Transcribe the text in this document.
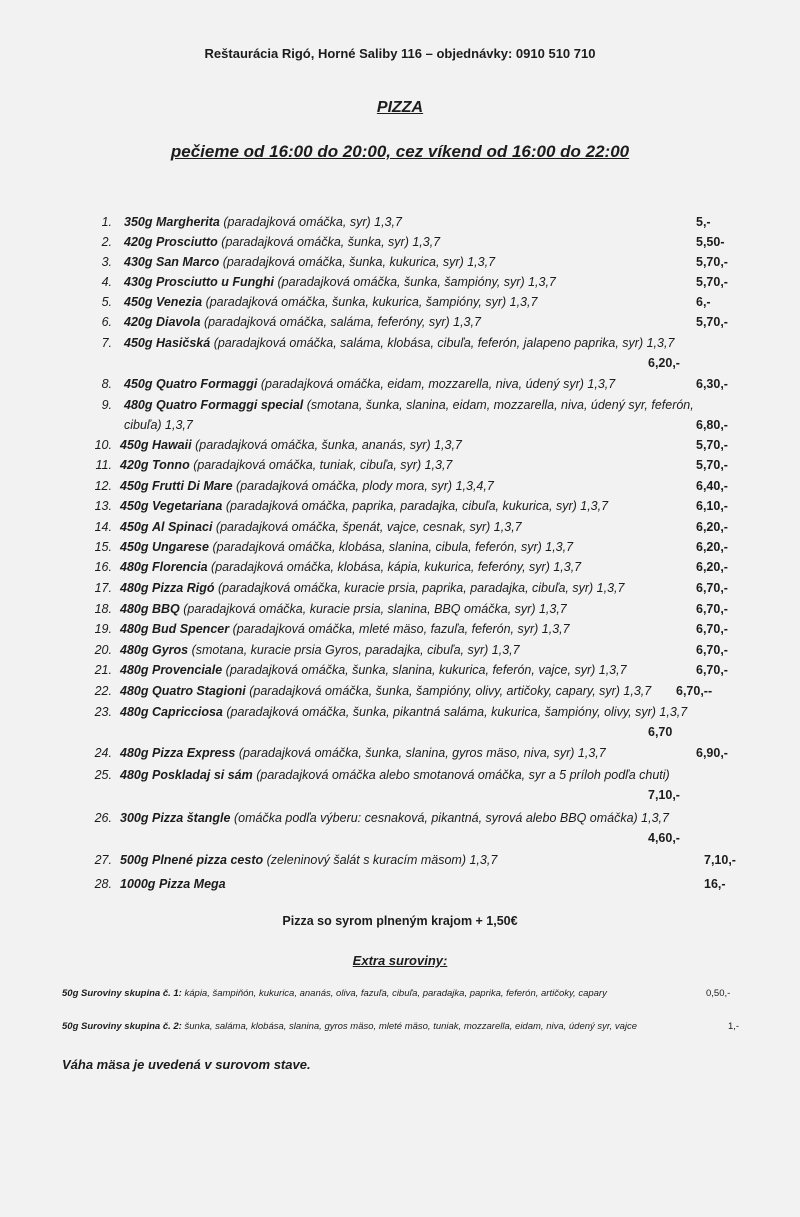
Reštaurácia Rigó, Horné Saliby 116 – objednávky: 0910 510 710
PIZZA
pečieme od 16:00 do 20:00, cez víkend od 16:00 do 22:00
1. 350g Margherita (paradajková omáčka, syr) 1,3,7	5,-
2. 420g Prosciutto (paradajková omáčka, šunka, syr) 1,3,7	5,50-
3. 430g San Marco (paradajková omáčka, šunka, kukurica, syr) 1,3,7	5,70,-
4. 430g Prosciutto u Funghi (paradajková omáčka, šunka, šampióny, syr) 1,3,7	5,70,-
5. 450g Venezia (paradajková omáčka, šunka, kukurica, šampióny, syr) 1,3,7	6,-
6. 420g Diavola (paradajková omáčka, saláma, feferóny, syr) 1,3,7	5,70,-
7. 450g Hasičská (paradajková omáčka, saláma, klobása, cibuľa, feferón, jalapeno paprika, syr) 1,3,7
6,20,-
8. 450g Quatro Formaggi (paradajková omáčka, eidam, mozzarella, niva, údený syr) 1,3,7	6,30,-
9. 480g Quatro Formaggi special (smotana, šunka, slanina, eidam, mozzarella, niva, údený syr, feferón,
cibuľa) 1,3,7	6,80,-
10. 450g Hawaii (paradajková omáčka, šunka, ananás, syr) 1,3,7	5,70,-
11. 420g Tonno (paradajková omáčka, tuniak, cibuľa, syr) 1,3,7	5,70,-
12. 450g Frutti Di Mare (paradajková omáčka, plody mora, syr) 1,3,4,7	6,40,-
13. 450g Vegetariana (paradajková omáčka, paprika, paradajka, cibuľa, kukurica, syr) 1,3,7	6,10,-
14. 450g Al Spinaci (paradajková omáčka, špenát, vajce, cesnak, syr) 1,3,7	6,20,-
15. 450g Ungarese (paradajková omáčka, klobása, slanina, cibula, feferón, syr) 1,3,7	6,20,-
16. 480g Florencia (paradajková omáčka, klobása, kápia, kukurica, feferóny, syr) 1,3,7	6,20,-
17. 480g Pizza Rigó (paradajková omáčka, kuracie prsia, paprika, paradajka, cibuľa, syr) 1,3,7	6,70,-
18. 480g BBQ (paradajková omáčka, kuracie prsia, slanina, BBQ omáčka, syr) 1,3,7	6,70,-
19. 480g Bud Spencer (paradajková omáčka, mleté mäso, fazuľa, feferón, syr) 1,3,7	6,70,-
20. 480g Gyros (smotana, kuracie prsia Gyros, paradajka, cibuľa, syr) 1,3,7	6,70,-
21. 480g Provenciale (paradajková omáčka, šunka, slanina, kukurica, feferón, vajce, syr) 1,3,7	6,70,-
22. 480g Quatro Stagioni (paradajková omáčka, šunka, šampióny, olivy, artičoky, capary, syr) 1,3,7 6,70,--
23. 480g Capricciosa (paradajková omáčka, šunka, pikantná saláma, kukurica, šampióny, olivy, syr) 1,3,7
6,70
24. 480g Pizza Express (paradajková omáčka, šunka, slanina, gyros mäso, niva, syr) 1,3,7	6,90,-
25. 480g Poskladaj si sám (paradajková omáčka alebo smotanová omáčka, syr a 5 príloh podľa chuti)
7,10,-
26. 300g Pizza štangle (omáčka podľa výberu: cesnaková, pikantná, syrová alebo BBQ omáčka) 1,3,7
4,60,-
27. 500g Plnené pizza cesto (zeleninový šalát s kuracím mäsom) 1,3,7	7,10,-
28. 1000g Pizza Mega	16,-
Pizza so syrom plneným krajom + 1,50€
Extra suroviny:
50g Suroviny skupina č. 1: kápia, šampiňón, kukurica, ananás, oliva, fazuľa, cibuľa, paradajka, paprika, feferón, artičoky, capary	0,50,-
50g Suroviny skupina č. 2: šunka, saláma, klobása, slanina, gyros mäso, mleté mäso, tuniak, mozzarella, eidam, niva, údený syr, vajce	1,-
Váha mäsa je uvedená v surovom stave.
